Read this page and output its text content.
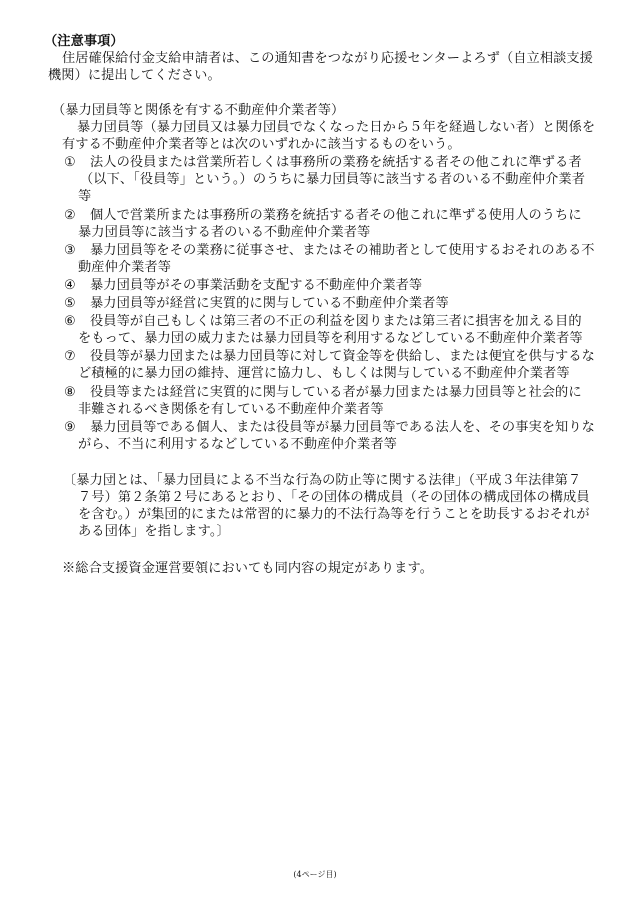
（注意事項）
住居確保給付金支給申請者は、この通知書をつながり応援センターよろず（自立相談支援
機関）に提出してください。
（暴力団員等と関係を有する不動産仲介業者等）
暴力団員等（暴力団員又は暴力団員でなくなった日から５年を経過しない者）と関係を
有する不動産仲介業者等とは次のいずれかに該当するものをいう。
① 法人の役員または営業所若しくは事務所の業務を統括する者その他これに準ずる者
（以下、「役員等」という。）のうちに暴力団員等に該当する者のいる不動産仲介業者
等
② 個人で営業所または事務所の業務を統括する者その他これに準ずる使用人のうちに
暴力団員等に該当する者のいる不動産仲介業者等
③ 暴力団員等をその業務に従事させ、またはその補助者として使用するおそれのある不
動産仲介業者等
④ 暴力団員等がその事業活動を支配する不動産仲介業者等
⑤ 暴力団員等が経営に実質的に関与している不動産仲介業者等
⑥ 役員等が自己もしくは第三者の不正の利益を図りまたは第三者に損害を加える目的
をもって、暴力団の威力または暴力団員等を利用するなどしている不動産仲介業者等
⑦ 役員等が暴力団または暴力団員等に対して資金等を供給し、または便宜を供与するな
ど積極的に暴力団の維持、運営に協力し、もしくは関与している不動産仲介業者等
⑧ 役員等または経営に実質的に関与している者が暴力団または暴力団員等と社会的に
非難されるべき関係を有している不動産仲介業者等
⑨ 暴力団員等である個人、または役員等が暴力団員等である法人を、その事実を知りな
がら、不当に利用するなどしている不動産仲介業者等
〔暴力団とは、「暴力団員による不当な行為の防止等に関する法律」（平成３年法律第７
７号）第２条第２号にあるとおり、「その団体の構成員（その団体の構成団体の構成員
を含む。）が集団的にまたは常習的に暴力的不法行為等を行うことを助長するおそれが
ある団体」を指します。〕
※総合支援資金運営要領においても同内容の規定があります。
(4ページ目)
